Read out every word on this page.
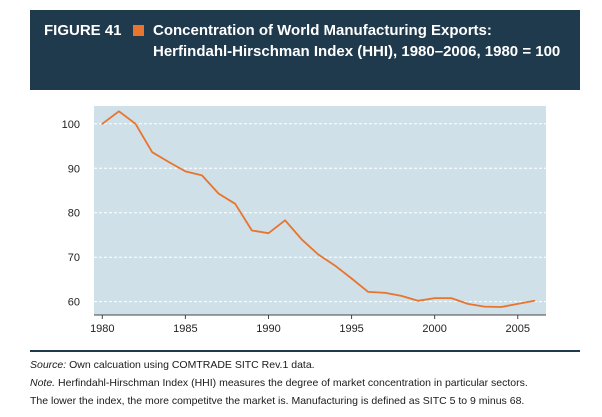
FIGURE 41 Concentration of World Manufacturing Exports: Herfindahl-Hirschman Index (HHI), 1980–2006, 1980 = 100
60
70
80
90
100
1980	1985	1990	1995	2000	2005

Source: Own calcuation using COMTRADE SITC Rev.1 data.

Note. Herfindahl-Hirschman Index (HHI) measures the degree of market concentration in particular sectors.

The lower the index, the more competitve the market is. Manufacturing is defined as SITC 5 to 9 minus 68.
